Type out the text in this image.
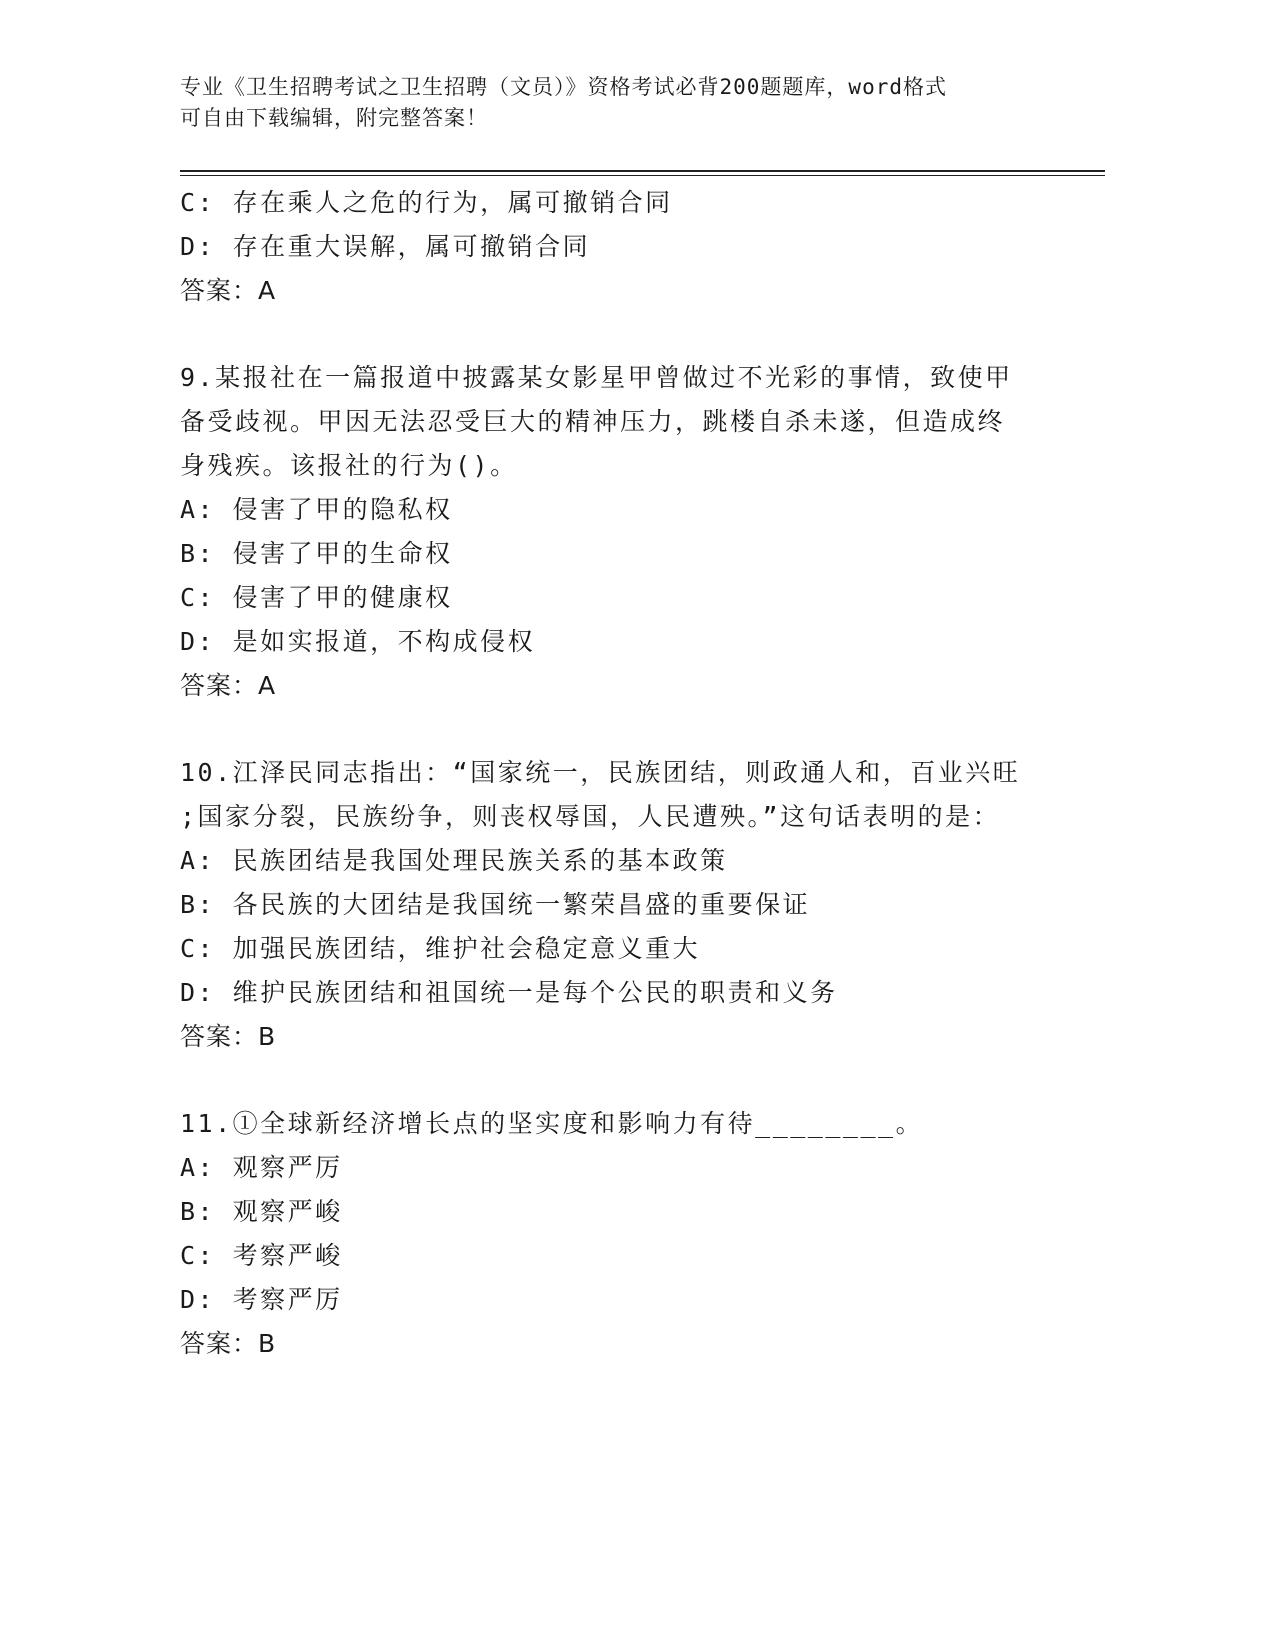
专业《卫生招聘考试之卫生招聘（文员）》资格考试必背200题题库，word格式
可自由下载编辑，附完整答案！
C: 存在乘人之危的行为，属可撤销合同
D: 存在重大误解，属可撤销合同
答案：A
9.某报社在一篇报道中披露某女影星甲曾做过不光彩的事情，致使甲
备受歧视。甲因无法忍受巨大的精神压力，跳楼自杀未遂，但造成终
身残疾。该报社的行为()。
A: 侵害了甲的隐私权
B: 侵害了甲的生命权
C: 侵害了甲的健康权
D: 是如实报道，不构成侵权
答案：A
10.江泽民同志指出：“国家统一，民族团结，则政通人和，百业兴旺
;国家分裂，民族纷争，则丧权辱国，人民遭殃。”这句话表明的是：
A: 民族团结是我国处理民族关系的基本政策
B: 各民族的大团结是我国统一繁荣昌盛的重要保证
C: 加强民族团结，维护社会稳定意义重大
D: 维护民族团结和祖国统一是每个公民的职责和义务
答案：B
11.①全球新经济增长点的坚实度和影响力有待________。
A: 观察严厉
B: 观察严峻
C: 考察严峻
D: 考察严厉
答案：B
